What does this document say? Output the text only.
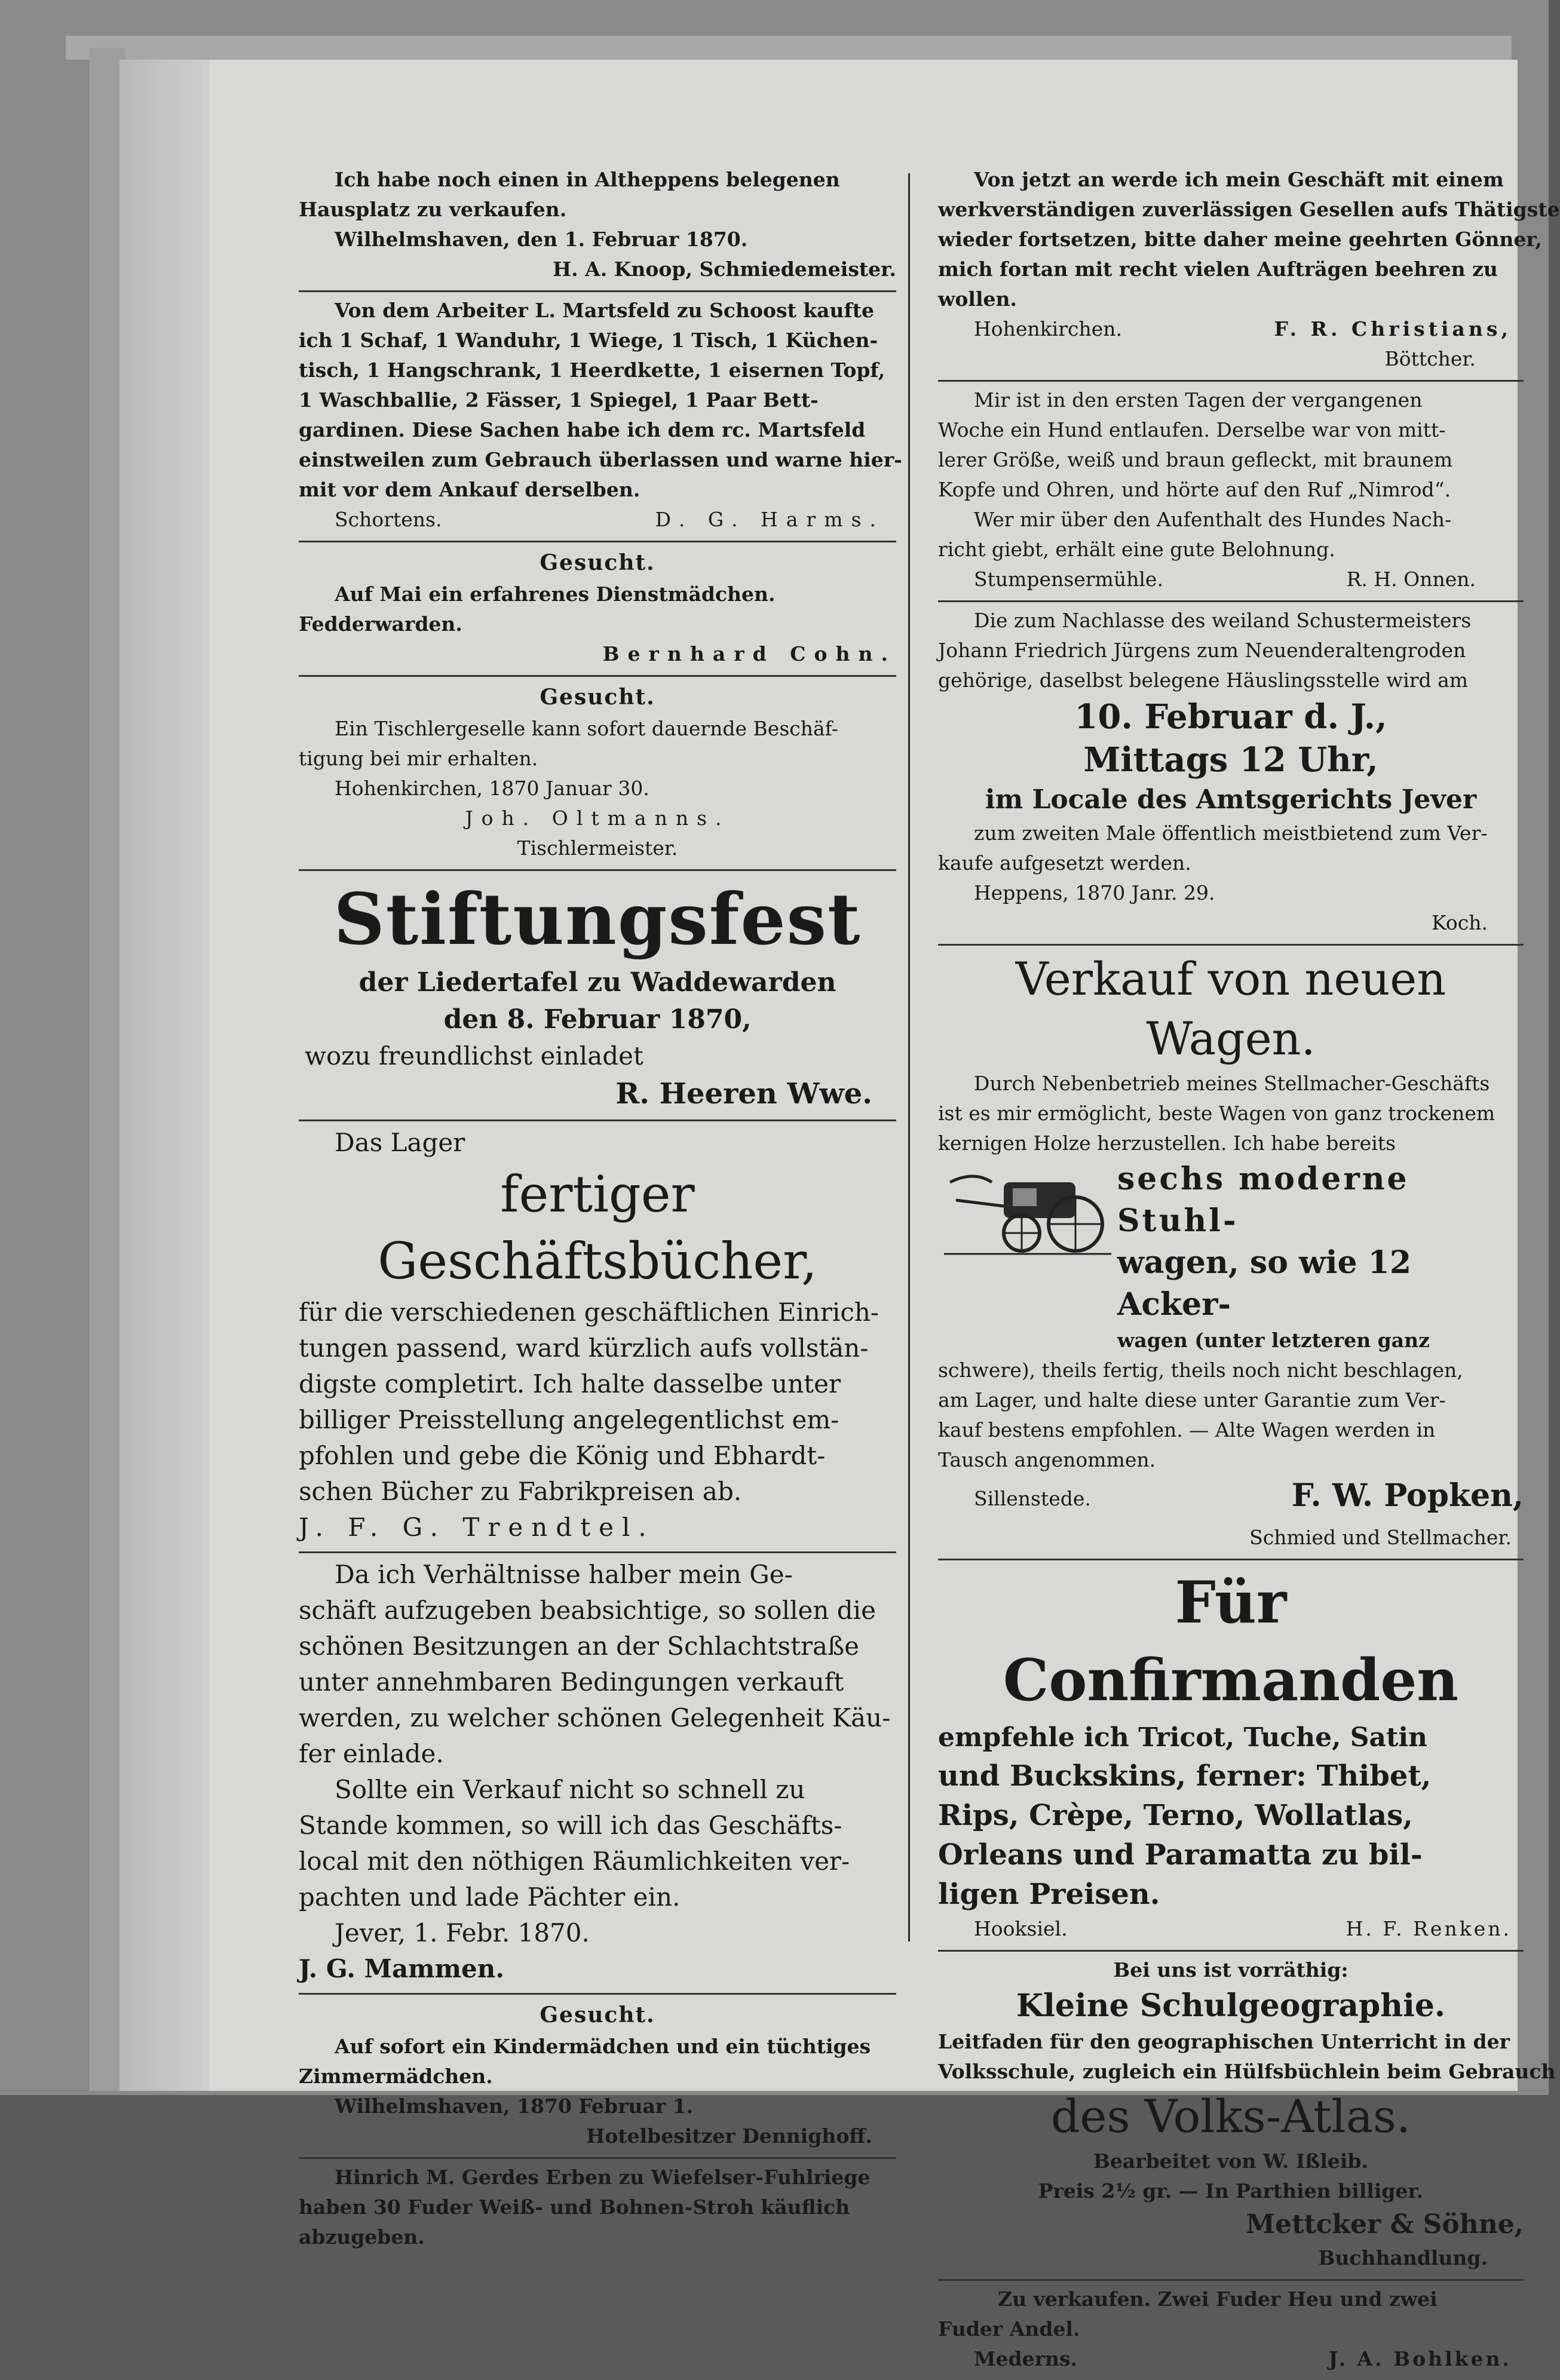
Ich habe noch einen in Altheppens belegenen
Hausplatz zu verkaufen.
Wilhelmshaven, den 1. Februar 1870.
H. A. Knoop, Schmiedemeister.
Von dem Arbeiter L. Martsfeld zu Schoost kaufte
ich 1 Schaf, 1 Wanduhr, 1 Wiege, 1 Tisch, 1 Küchen-
tisch, 1 Hangschrank, 1 Heerdkette, 1 eisernen Topf,
1 Waschballie, 2 Fässer, 1 Spiegel, 1 Paar Bett-
gardinen. Diese Sachen habe ich dem rc. Martsfeld
einstweilen zum Gebrauch überlassen und warne hier-
mit vor dem Ankauf derselben.
Schortens.	D. G. Harms.
Gesucht.
Auf Mai ein erfahrenes Dienstmädchen.
Fedderwarden.
Bernhard Cohn.
Gesucht.
Ein Tischlergeselle kann sofort dauernde Beschäf-
tigung bei mir erhalten.
Hohenkirchen, 1870 Januar 30.
Joh. Oltmanns.
Tischlermeister.
Stiftungsfest
der Liedertafel zu Waddewarden
den 8. Februar 1870,
wozu freundlichst einladet
R. Heeren Wwe.
Das Lager
fertiger Geschäftsbücher,
für die verschiedenen geschäftlichen Einrich-
tungen passend, ward kürzlich aufs vollstän-
digste completirt. Ich halte dasselbe unter
billiger Preisstellung angelegentlichst em-
pfohlen und gebe die König und Ebhardt-
schen Bücher zu Fabrikpreisen ab.
J. F. G. Trendtel.
Da ich Verhältnisse halber mein Ge-
schäft aufzugeben beabsichtige, so sollen die
schönen Besitzungen an der Schlachtstraße
unter annehmbaren Bedingungen verkauft
werden, zu welcher schönen Gelegenheit Käu-
fer einlade.
Sollte ein Verkauf nicht so schnell zu
Stande kommen, so will ich das Geschäfts-
local mit den nöthigen Räumlichkeiten ver-
pachten und lade Pächter ein.
Jever, 1. Febr. 1870.
J. G. Mammen.
Gesucht.
Auf sofort ein Kindermädchen und ein tüchtiges
Zimmermädchen.
Wilhelmshaven, 1870 Februar 1.
Hotelbesitzer Dennighoff.
Hinrich M. Gerdes Erben zu Wiefelser-Fuhlriege
haben 30 Fuder Weiß- und Bohnen-Stroh käuflich
abzugeben.
Von jetzt an werde ich mein Geschäft mit einem
werkverständigen zuverlässigen Gesellen aufs Thätigste
wieder fortsetzen, bitte daher meine geehrten Gönner,
mich fortan mit recht vielen Aufträgen beehren zu
wollen.
Hohenkirchen.	F. R. Christians,
Böttcher.
Mir ist in den ersten Tagen der vergangenen
Woche ein Hund entlaufen. Derselbe war von mitt-
lerer Größe, weiß und braun gefleckt, mit braunem
Kopfe und Ohren, und hörte auf den Ruf „Nimrod“.
Wer mir über den Aufenthalt des Hundes Nach-
richt giebt, erhält eine gute Belohnung.
Stumpensermühle.	R. H. Onnen.
Die zum Nachlasse des weiland Schustermeisters
Johann Friedrich Jürgens zum Neuenderaltengroden
gehörige, daselbst belegene Häuslingsstelle wird am
10. Februar d. J.,
Mittags 12 Uhr,
im Locale des Amtsgerichts Jever
zum zweiten Male öffentlich meistbietend zum Ver-
kaufe aufgesetzt werden.
Heppens, 1870 Janr. 29.
Koch.
Verkauf von neuen Wagen.
Durch Nebenbetrieb meines Stellmacher-Geschäfts
ist es mir ermöglicht, beste Wagen von ganz trockenem
kernigen Holze herzustellen. Ich habe bereits
sechs moderne Stuhl-
wagen, so wie 12 Acker-
wagen (unter letzteren ganz
schwere), theils fertig, theils noch nicht beschlagen,
am Lager, und halte diese unter Garantie zum Ver-
kauf bestens empfohlen. — Alte Wagen werden in
Tausch angenommen.
Sillenstede.	F. W. Popken,
Schmied und Stellmacher.
Für Confirmanden
empfehle ich Tricot, Tuche, Satin
und Buckskins, ferner: Thibet,
Rips, Crèpe, Terno, Wollatlas,
Orleans und Paramatta zu bil-
ligen Preisen.
Hooksiel.	H. F. Renken.
Bei uns ist vorräthig:
Kleine Schulgeographie.
Leitfaden für den geographischen Unterricht in der
Volksschule, zugleich ein Hülfsbüchlein beim Gebrauch
des Volks-Atlas.
Bearbeitet von W. Ißleib.
Preis 2½ gr. — In Parthien billiger.
Mettcker & Söhne,
Buchhandlung.
Zu verkaufen. Zwei Fuder Heu und zwei
Fuder Andel.
Mederns.	J. A. Bohlken.
